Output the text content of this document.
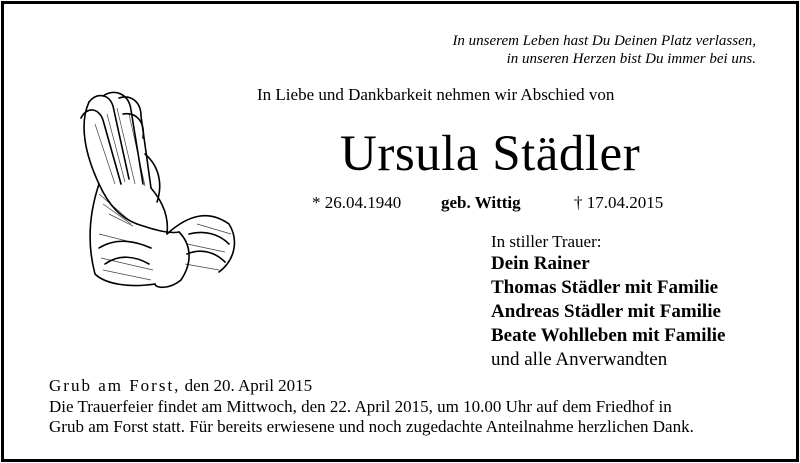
In unserem Leben hast Du Deinen Platz verlassen,
in unseren Herzen bist Du immer bei uns.
In Liebe und Dankbarkeit nehmen wir Abschied von
Ursula Städler
* 26.04.1940 geb. Wittig	† 17.04.2015
In stiller Trauer:
Dein Rainer
Thomas Städler mit Familie
Andreas Städler mit Familie
Beate Wohlleben mit Familie
und alle Anverwandten
Grub am Forst, den 20. April 2015
Die Trauerfeier findet am Mittwoch, den 22. April 2015, um 10.00 Uhr auf dem Friedhof in
Grub am Forst statt. Für bereits erwiesene und noch zugedachte Anteilnahme herzlichen Dank.
